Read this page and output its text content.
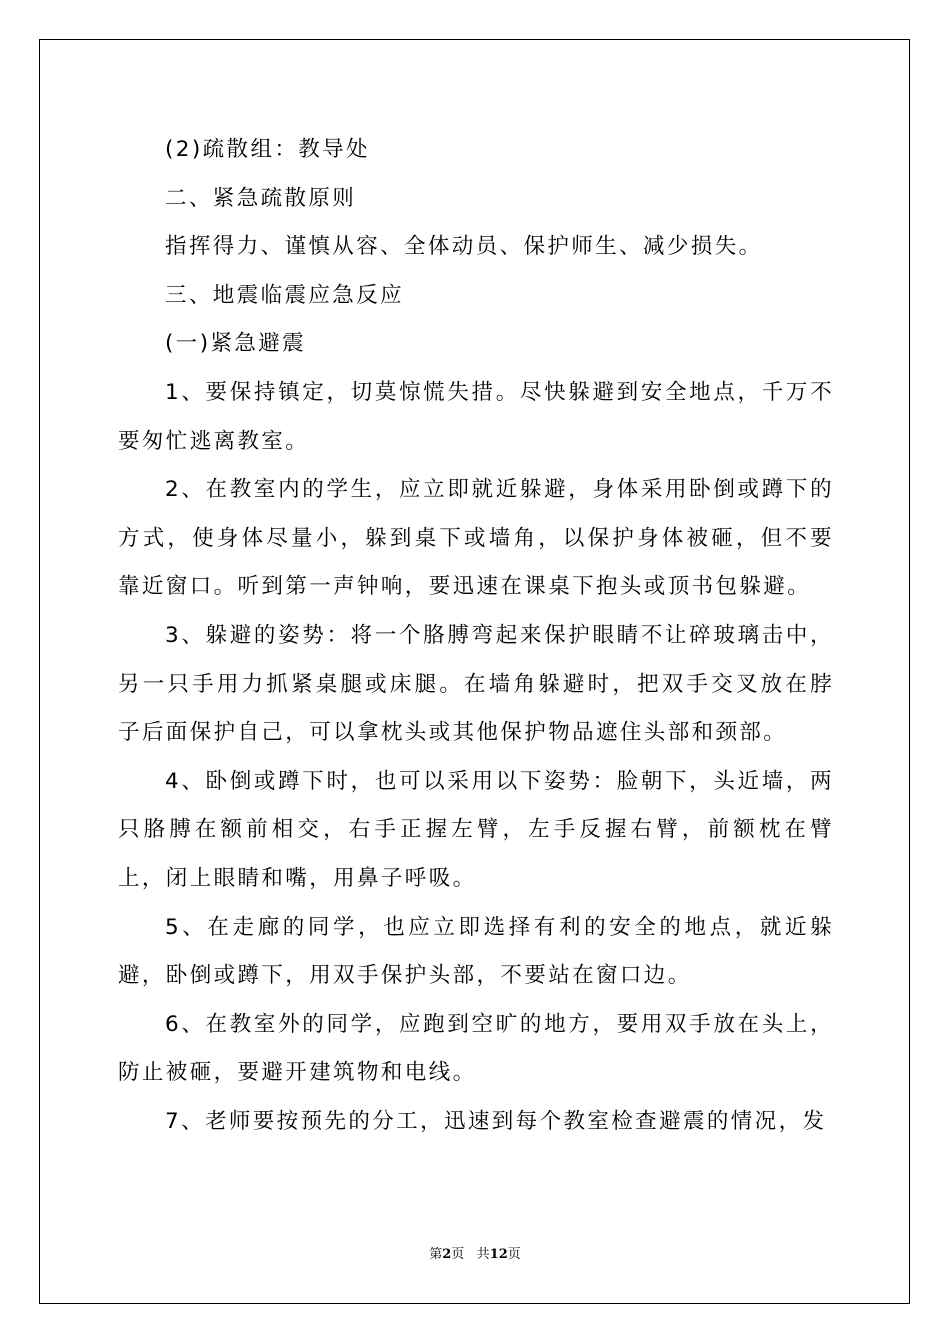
(2)疏散组：教导处

二、紧急疏散原则

指挥得力、谨慎从容、全体动员、保护师生、减少损失。

三、地震临震应急反应

(一)紧急避震

1、要保持镇定，切莫惊慌失措。尽快躲避到安全地点，千万不要匆忙逃离教室。

2、在教室内的学生，应立即就近躲避，身体采用卧倒或蹲下的方式，使身体尽量小，躲到桌下或墙角，以保护身体被砸，但不要靠近窗口。听到第一声钟响，要迅速在课桌下抱头或顶书包躲避。

3、躲避的姿势：将一个胳膊弯起来保护眼睛不让碎玻璃击中，另一只手用力抓紧桌腿或床腿。在墙角躲避时，把双手交叉放在脖子后面保护自己，可以拿枕头或其他保护物品遮住头部和颈部。

4、卧倒或蹲下时，也可以采用以下姿势：脸朝下，头近墙，两只胳膊在额前相交，右手正握左臂，左手反握右臂，前额枕在臂上，闭上眼睛和嘴，用鼻子呼吸。

5、在走廊的同学，也应立即选择有利的安全的地点，就近躲避，卧倒或蹲下，用双手保护头部，不要站在窗口边。

6、在教室外的同学，应跑到空旷的地方，要用双手放在头上，防止被砸，要避开建筑物和电线。

7、老师要按预先的分工，迅速到每个教室检查避震的情况，发

第2页 共12页
